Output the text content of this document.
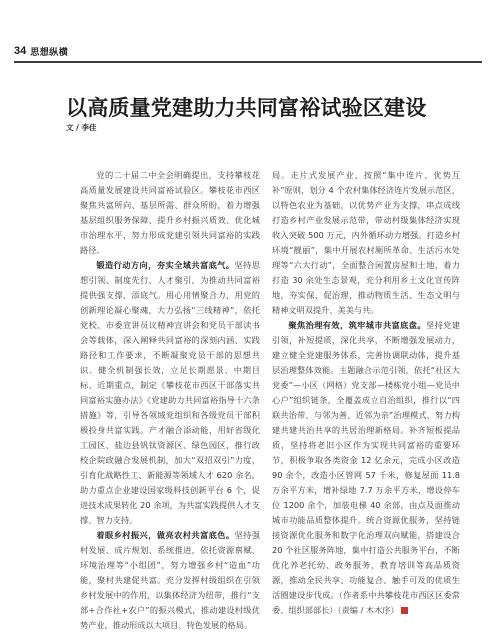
34 思想纵横
以高质量党建助力共同富裕试验区建设
文 / 李佳

党的二十届二中全会明确提出，支持攀枝花高质量发展建设共同富裕试验区。攀枝花市西区聚焦共富所向、基层所需、群众所盼，着力增强基层组织服务保障、提升乡村振兴质效、优化城市治理水平，努力形成党建引领共同富裕的实践路径。

锻造行动方向，夯实全域共富底气。坚持思想引领、制度先行、人才聚引，为推动共同富裕提供强支撑、添底气。用心用情聚合力，用党的创新理论凝心聚魂，大力弘扬“三线精神”，依托党校、市委宣讲员议精神宣讲会和党员干部读书会等载体，深入阐释共同富裕的深刻内涵、实践路径和工作要求，不断凝聚党员干部的思想共识。健全机制强长效，立足长期愿景、中期目标、近期重点，制定《攀枝花市西区干部落实共同富裕实施办法》《党建助力共同富裕指导十六条措施》等，引导各领域党组织和各级党员干部积极投身共富实践。产才融合添动能，用好省级化工园区、盐边县钒钛资源区、绿色园区，推行政校企院政融合发展机制，加大“双招双引”力度，引育化战略性工、新能源等领域人才 620 余名，助力重点企业建设国家级科技创新平台 6 个，促进技术成果转化 20 余项，为共富实践提供人才支撑、智力支持。

着眼乡村振兴，做亮农村共富底色。坚持强村发展、成片规划、系统推进，依托资源禀赋、环境治理等“小组团”，努力增强乡村“造血”功能，聚村共建促共富。充分发挥村级组织在引领乡村发展中的作用，以集体经济为纽带，推行“支部+合作社+农户”的振兴模式，推动建设村级优势产业，推动形成以大项目、特色发展的格局。

局。走片式发展产业，按照“集中连片、优势互补”原则，划分 4 个农村集体经济连片发展示范区，以特色农业为基础，以优势产业为支撑，串点成线打造乡村产业发展示范带，带动村级集体经济实现收入突破 500 万元，内外循环动力增强。打造乡村环境“靓丽”，集中开展农村厕所革命、生活污水处理等“六大行动”，全面整合闲置房屋和土地，着力打造 30 余处生态景观，充分利用乡土文化宣传阵地，夯实保、促治理，推动物质生活、生态文明与精神文明双提升、美美与共。

聚焦治理有效，筑牢城市共富底盘。坚持党建引领，补短提质，深化共享，不断增强发展动力，建立健全党建服务体系，完善协调联动体，提升基层治理整体效能。主题融合示范引领，依托“社区大党委”—小区（网格）党支部—楼栋党小组—党员中心户”组织链条，全覆盖成立自治组织，推行以“四联共治带、与邻为善、近邻为亲”治理模式，努力构建共建共治共享的共居治理新格局。补齐短板提品质，坚持将老旧小区作为实现共同富裕的重要环节，积极争取各类资金 12 亿余元，完成小区改造 90 余个，改造小区管网 57 千米，修复屋面 11.8 万余平方米，增补绿地 7.7 万余平方米，增设停车位 1200 余个，加装电梯 40 余部，由点及面推动城市功能品质整体提升。统合资源优服务，坚持链接资源优化服务和数字化治理双向赋能，搭建设合 20 个社区服务阵地，集中打造公共服务平台，不断优化养老托幼、政务服务、教育培训等高品质资源，推动全民共享、功能复合、触手可及的优质生活圈建设步伐成。（作者系中共攀枝花市西区区委常委、组织部部长）（责编 / 木木序）
